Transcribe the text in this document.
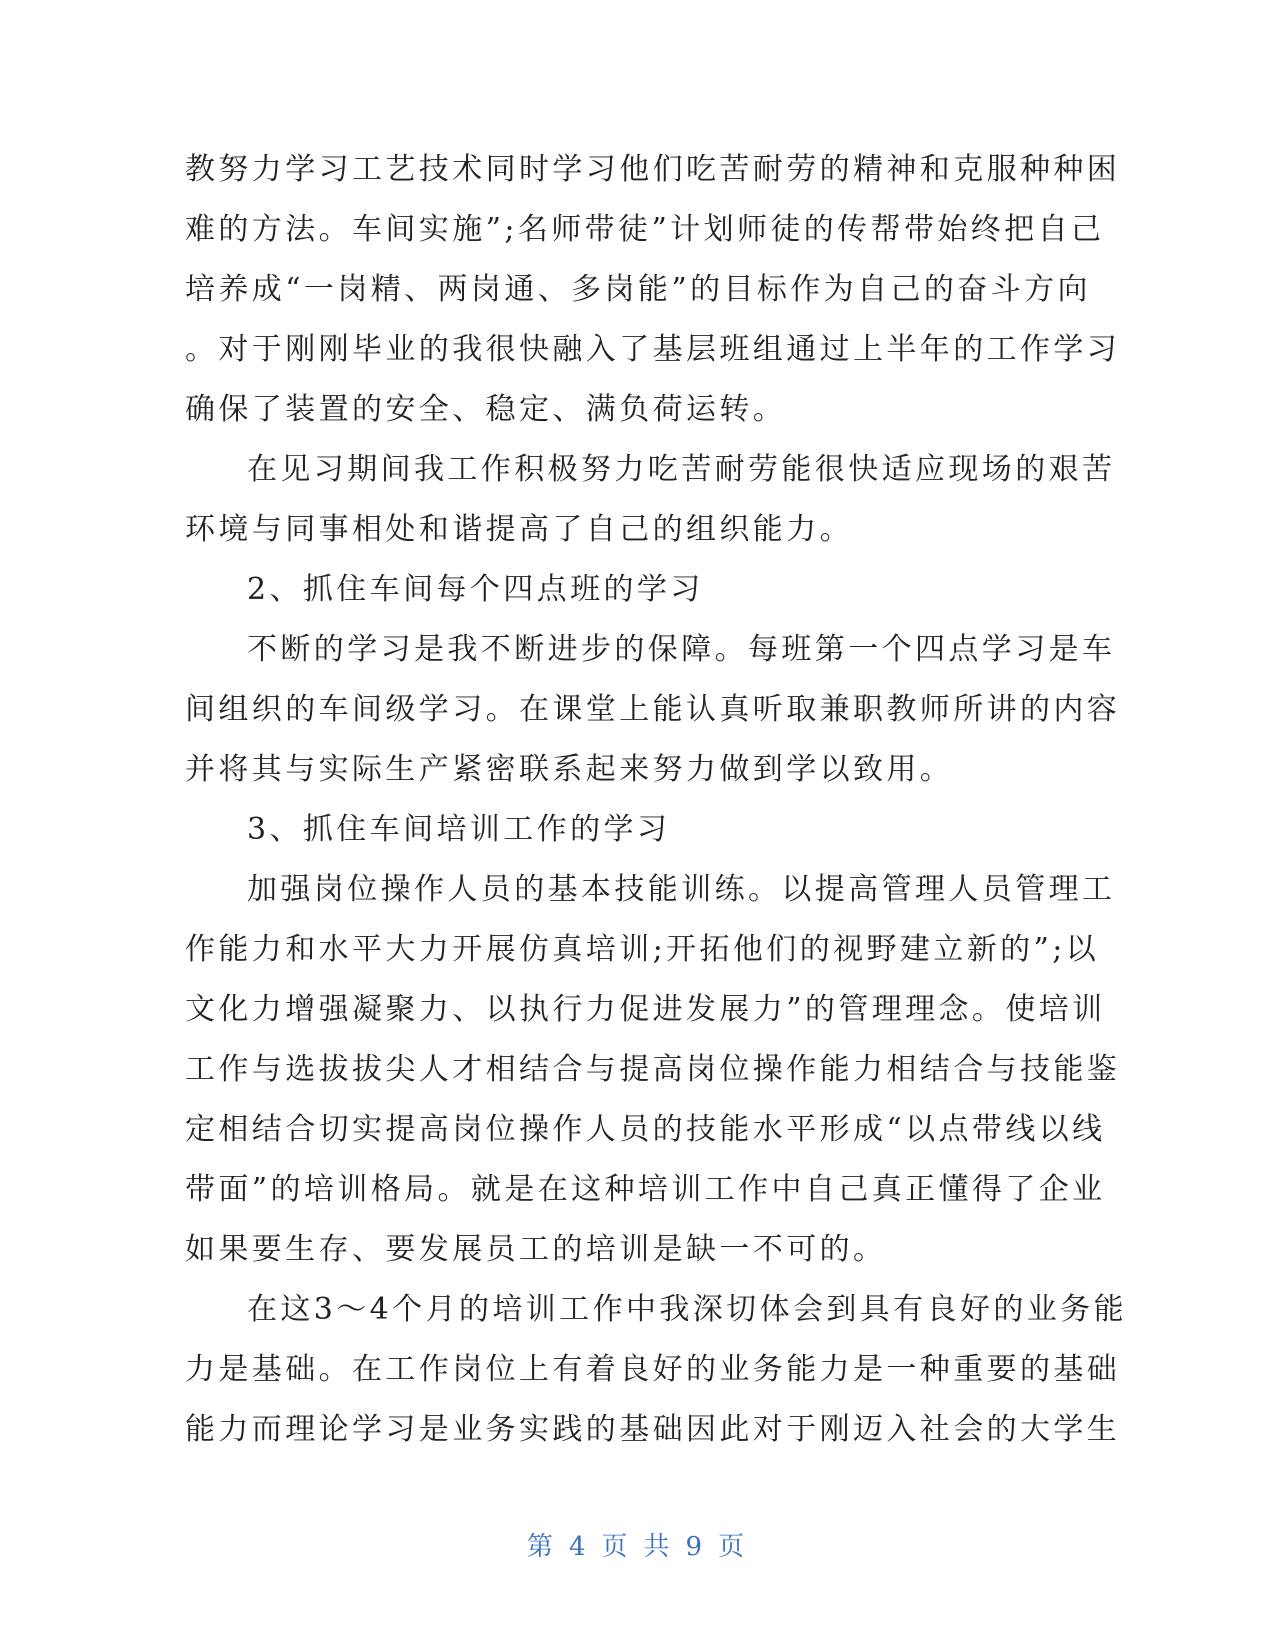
教努力学习工艺技术同时学习他们吃苦耐劳的精神和克服种种困
难的方法。车间实施”;名师带徒”计划师徒的传帮带始终把自己
培养成“一岗精、两岗通、多岗能”的目标作为自己的奋斗方向
。对于刚刚毕业的我很快融入了基层班组通过上半年的工作学习
确保了装置的安全、稳定、满负荷运转。
在见习期间我工作积极努力吃苦耐劳能很快适应现场的艰苦
环境与同事相处和谐提高了自己的组织能力。
2、抓住车间每个四点班的学习
不断的学习是我不断进步的保障。每班第一个四点学习是车
间组织的车间级学习。在课堂上能认真听取兼职教师所讲的内容
并将其与实际生产紧密联系起来努力做到学以致用。
3、抓住车间培训工作的学习
加强岗位操作人员的基本技能训练。以提高管理人员管理工
作能力和水平大力开展仿真培训;开拓他们的视野建立新的”;以
文化力增强凝聚力、以执行力促进发展力”的管理理念。使培训
工作与选拔拔尖人才相结合与提高岗位操作能力相结合与技能鉴
定相结合切实提高岗位操作人员的技能水平形成“以点带线以线
带面”的培训格局。就是在这种培训工作中自己真正懂得了企业
如果要生存、要发展员工的培训是缺一不可的。
在这3～4个月的培训工作中我深切体会到具有良好的业务能
力是基础。在工作岗位上有着良好的业务能力是一种重要的基础
能力而理论学习是业务实践的基础因此对于刚迈入社会的大学生
第 4 页 共 9 页
